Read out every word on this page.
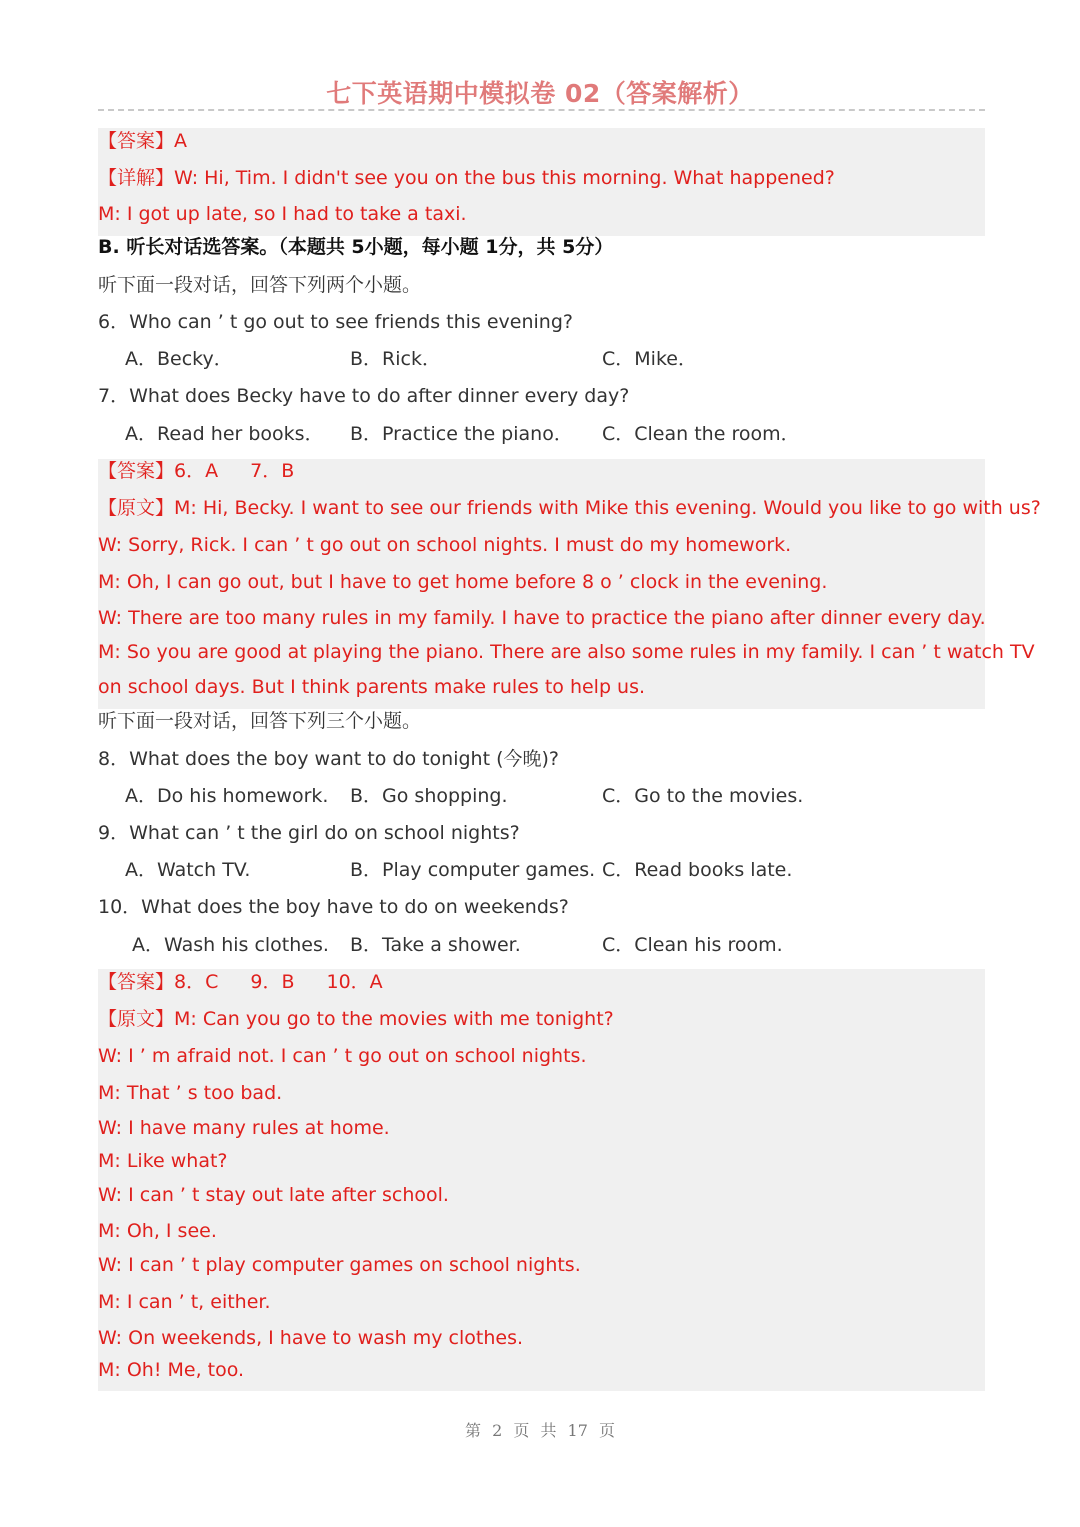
七下英语期中模拟卷 02（答案解析）
【答案】A
【详解】W: Hi, Tim. I didn't see you on the bus this morning. What happened?
M: I got up late, so I had to take a taxi.
B. 听长对话选答案。（本题共 5小题，每小题 1分，共 5分）
听下面一段对话，回答下列两个小题。
6．Who can ’ t go out to see friends this evening?
A．Becky．	B．Rick．	C．Mike．
7．What does Becky have to do after dinner every day?
A．Read her books． B．Practice the piano． C．Clean the room．
【答案】6．A 7．B
【原文】M: Hi, Becky. I want to see our friends with Mike this evening. Would you like to go with us?
W: Sorry, Rick. I can ’ t go out on school nights. I must do my homework.
M: Oh, I can go out, but I have to get home before 8 o ’ clock in the evening.
W: There are too many rules in my family. I have to practice the piano after dinner every day.
M: So you are good at playing the piano. There are also some rules in my family. I can ’ t watch TV
on school days. But I think parents make rules to help us.
听下面一段对话，回答下列三个小题。
8．What does the boy want to do tonight (今晚)?
A．Do his homework. B．Go shopping.	C．Go to the movies.
9．What can ’ t the girl do on school nights?
A．Watch TV.	B．Play computer games. C．Read books late.
10．What does the boy have to do on weekends?
A．Wash his clothes. B．Take a shower.	C．Clean his room.
【答案】8．C 9．B 10．A
【原文】M: Can you go to the movies with me tonight?
W: I ’ m afraid not. I can ’ t go out on school nights.
M: That ’ s too bad.
W: I have many rules at home.
M: Like what?
W: I can ’ t stay out late after school.
M: Oh, I see.
W: I can ’ t play computer games on school nights.
M: I can ’ t, either.
W: On weekends, I have to wash my clothes.
M: Oh! Me, too.
第 2 页 共 17 页
